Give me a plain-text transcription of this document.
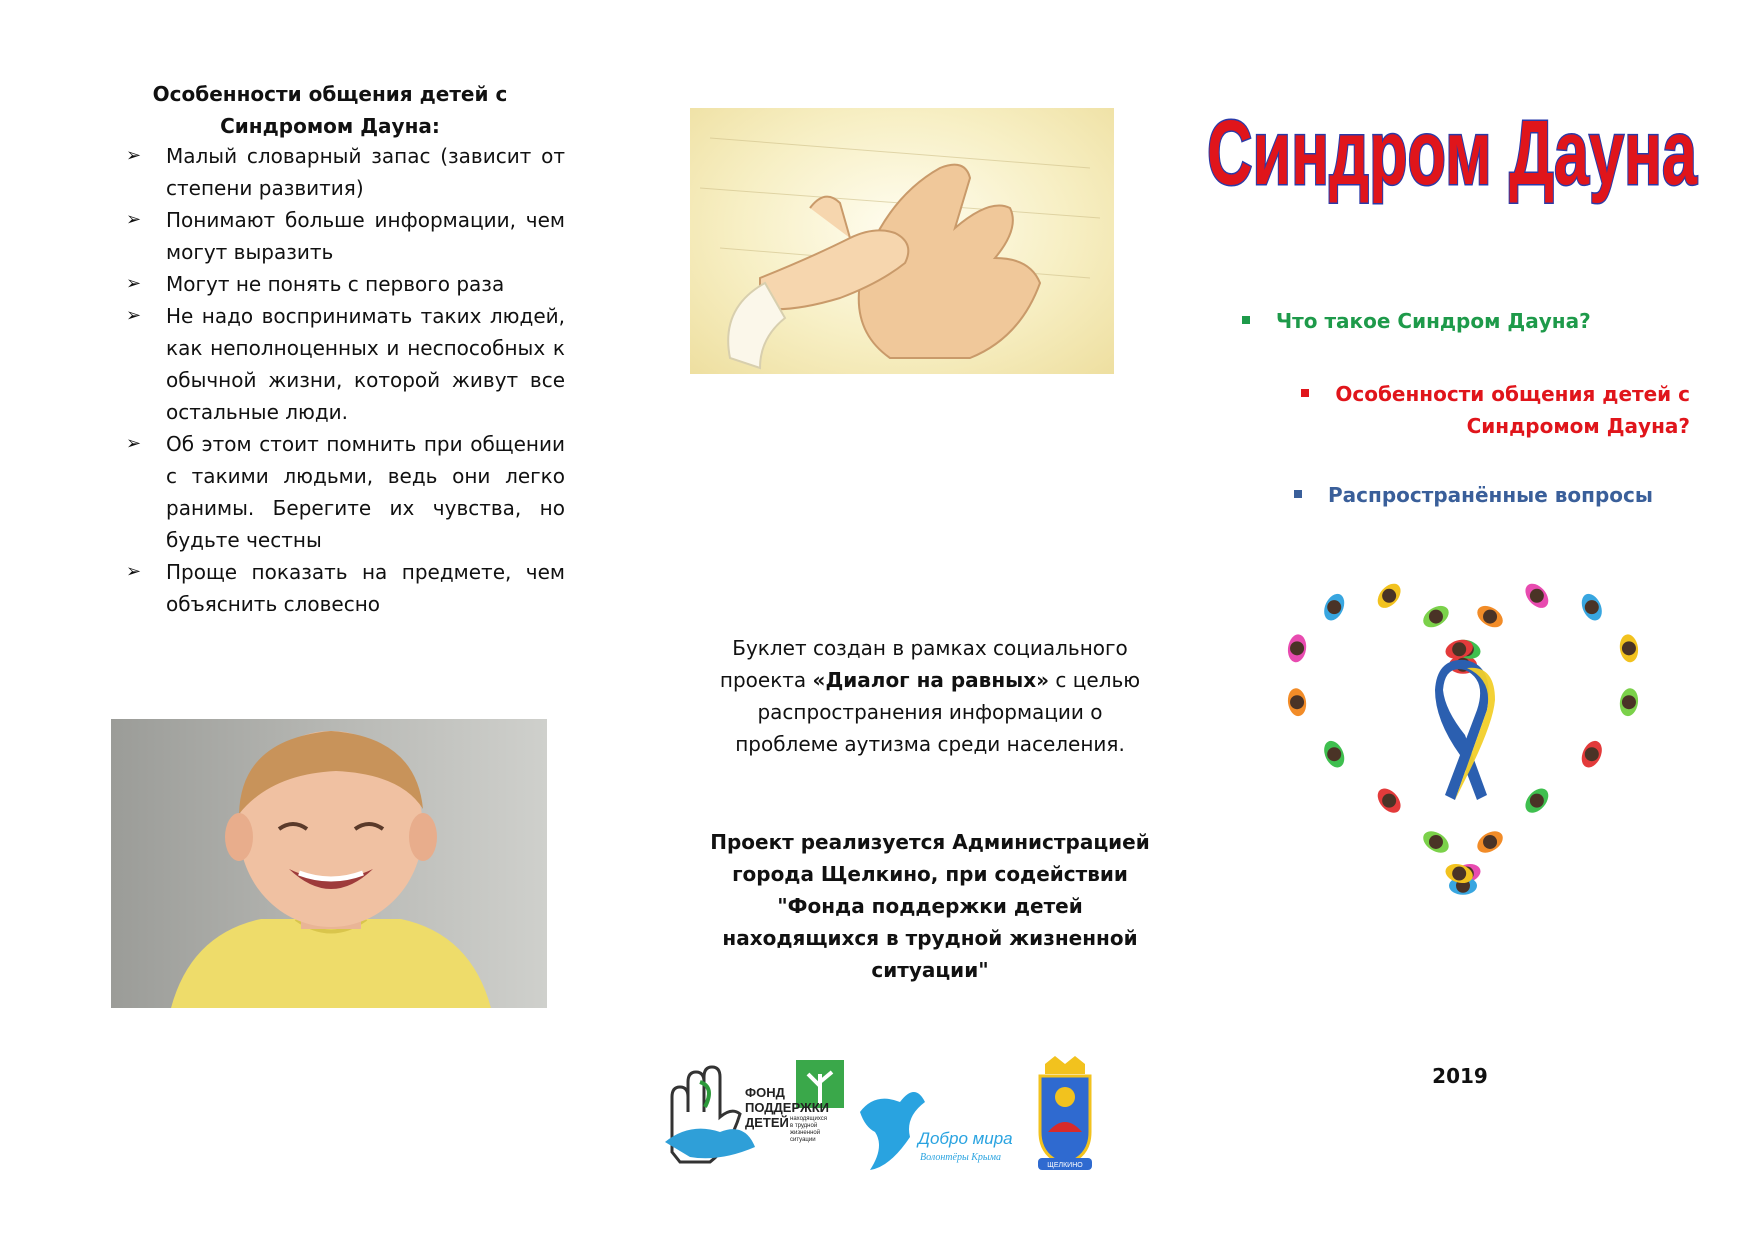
Особенности общения детей с
Синдромом Дауна:
➢ Малый словарный запас (зависит от степени развития)
➢ Понимают больше информации, чем могут выразить
➢ Могут не понять с первого раза
➢ Не надо воспринимать таких людей, как неполноценных и неспособных к обычной жизни, которой живут все остальные люди.
➢ Об этом стоит помнить при общении с такими людьми, ведь они легко ранимы. Берегите их чувства, но будьте честны
➢ Проще показать на предмете, чем объяснить словесно
Буклет создан в рамках социального проекта «Диалог на равных» с целью распространения информации о проблеме аутизма среди населения.
Проект реализуется Администрацией города Щелкино, при содействии "Фонда поддержки детей находящихся в трудной жизненной ситуации"
ФОНД
ПОДДЕРЖКИ
ДЕТЕЙ находящихся
в трудной
жизненной
ситуации	Добро мира
Волонтёры Крыма
ЩЕЛКИНО
Синдром Дауна
Что такое Синдром Дауна?
Особенности общения детей с Синдромом Дауна?
Распространённые вопросы
2019
